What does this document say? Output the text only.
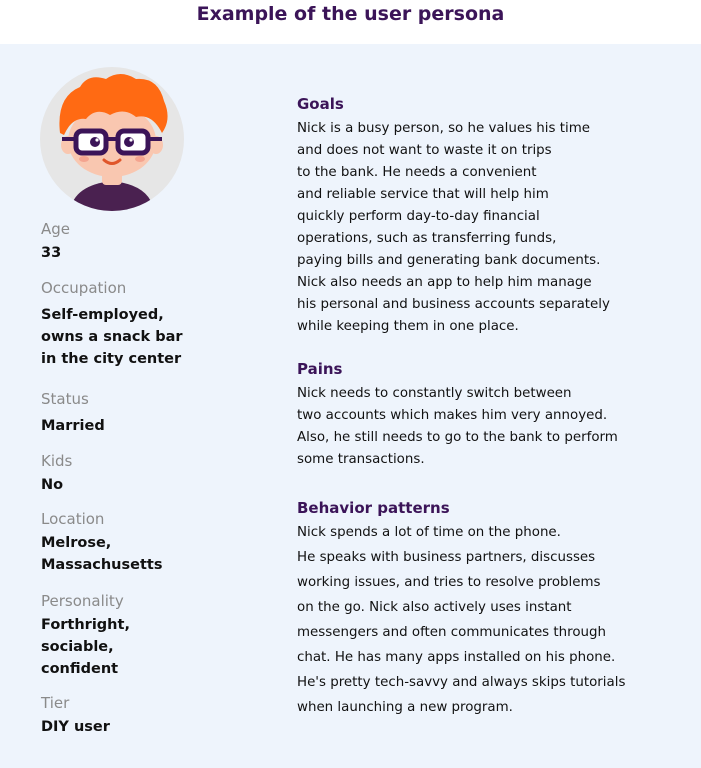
Example of the user persona
Age
33
Occupation
Self-employed,
owns a snack bar
in the city center
Status
Married
Kids
No
Location
Melrose,
Massachusetts
Personality
Forthright,
sociable,
confident
Tier
DIY user
Goals
Nick is a busy person, so he values his time
and does not want to waste it on trips
to the bank. He needs a convenient
and reliable service that will help him
quickly perform day-to-day financial
operations, such as transferring funds,
paying bills and generating bank documents.
Nick also needs an app to help him manage
his personal and business accounts separately
while keeping them in one place.
Pains
Nick needs to constantly switch between
two accounts which makes him very annoyed.
Also, he still needs to go to the bank to perform
some transactions.
Behavior patterns
Nick spends a lot of time on the phone.
He speaks with business partners, discusses
working issues, and tries to resolve problems
on the go. Nick also actively uses instant
messengers and often communicates through
chat. He has many apps installed on his phone.
He's pretty tech-savvy and always skips tutorials
when launching a new program.
